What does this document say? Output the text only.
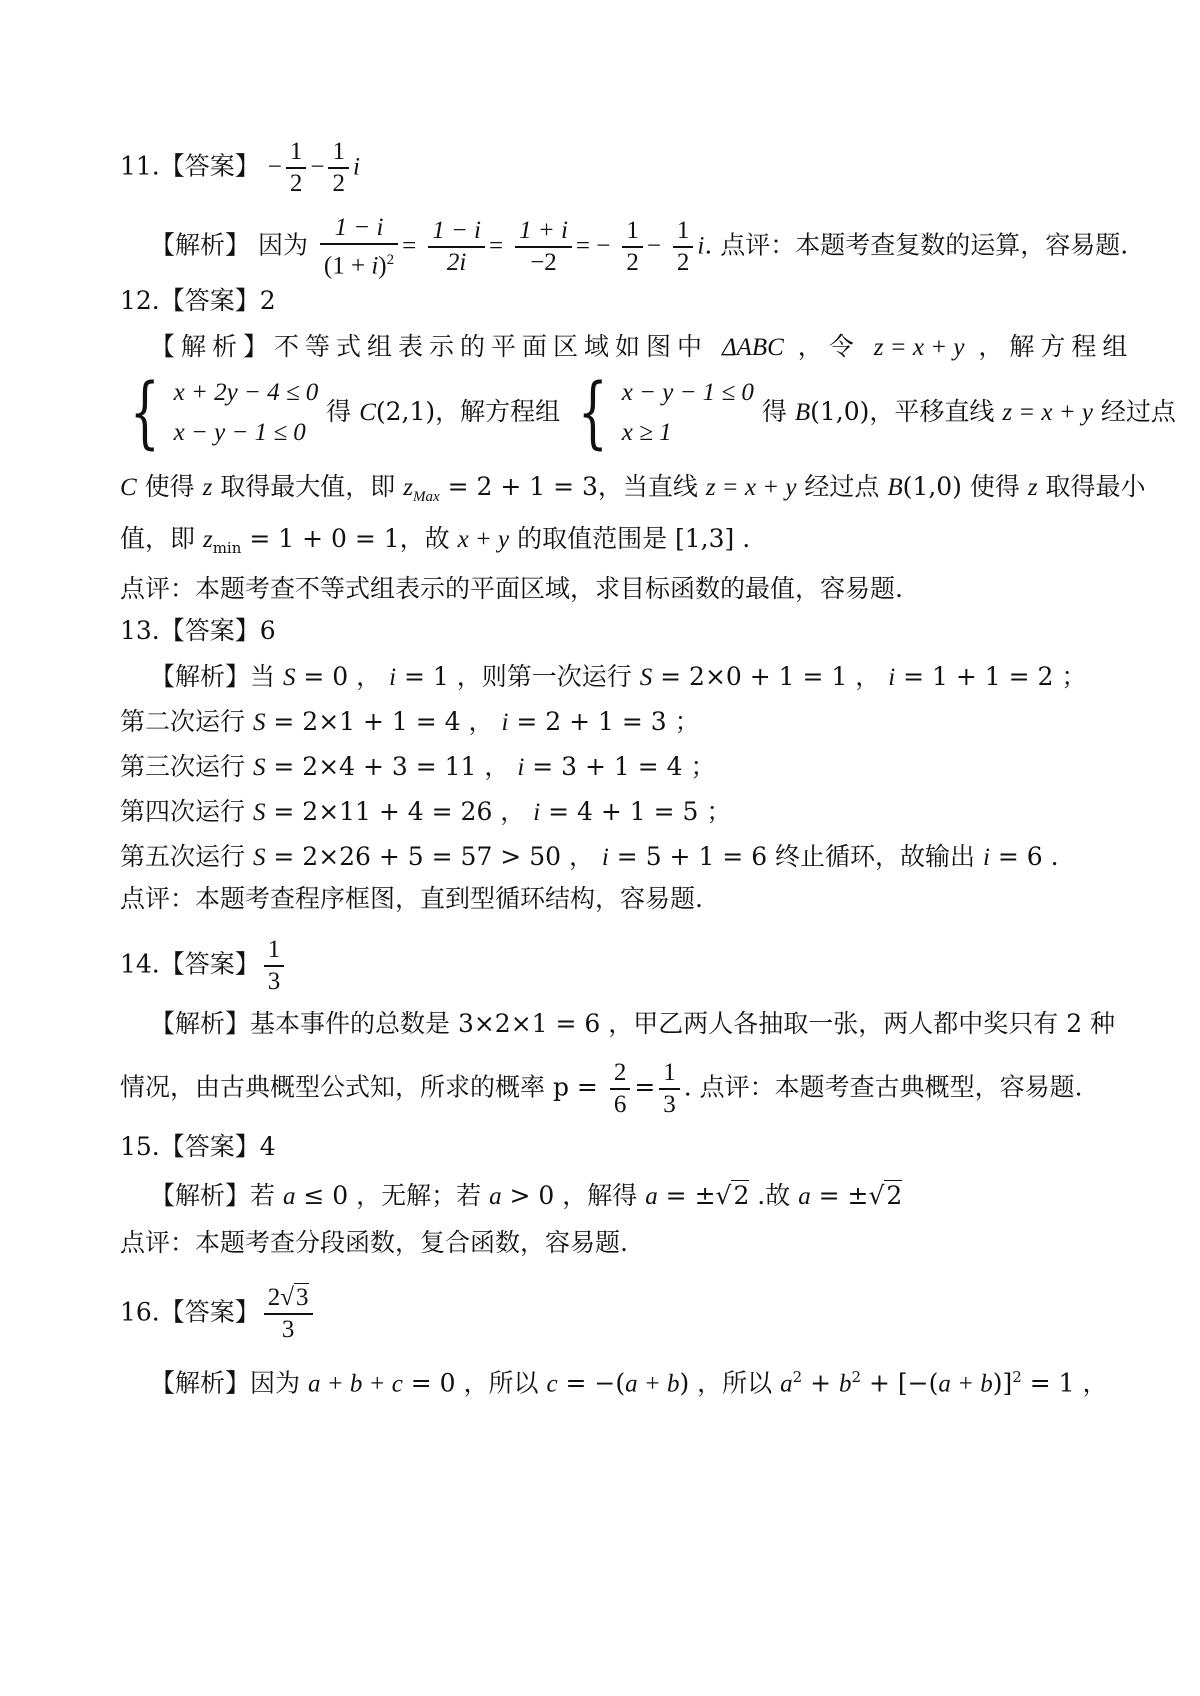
11.【答案】 − $\frac{1}{2} - \frac{1}{2}$ i
【解析】 因为 $\frac{1 - i}{(1 + i)^2} = \frac{1 - i}{2i} = \frac{1 + i}{-2}$ = − $\frac{1}{2} - \frac{1}{2} i$. 点评：本题考查复数的运算，容易题.
12.【答案】2
【解析】不等式组表示的平面区域如图中 ΔABC ，令 z = x + y ，解方程组
{ x + 2y − 4 ≤ 0
x − y − 1 ≤ 0
得 C(2,1)，解方程组 { x − y − 1 ≤ 0
x ≥ 1
得 B(1,0)，平移直线 z = x + y 经过点
C 使得 z 取得最大值，即 $z_{Max} = 2 + 1 = 3$，当直线 z = x + y 经过点 B(1,0) 使得 z 取得最小
值，即 $z_{min} = 1 + 0 = 1$，故 x + y 的取值范围是 [1,3] .
点评：本题考查不等式组表示的平面区域，求目标函数的最值，容易题.
13.【答案】6
【解析】当 S = 0 ， i = 1 ，则第一次运行 S = 2×0 + 1 = 1 ， i = 1 + 1 = 2 ；
第二次运行 S = 2×1 + 1 = 4 ， i = 2 + 1 = 3 ；
第三次运行 S = 2×4 + 3 = 11 ， i = 3 + 1 = 4 ；
第四次运行 S = 2×11 + 4 = 26 ， i = 4 + 1 = 5 ；
第五次运行 S = 2×26 + 5 = 57 > 50 ， i = 5 + 1 = 6 终止循环，故输出 i = 6 .
点评：本题考查程序框图，直到型循环结构，容易题.
14.【答案】 $\frac{1}{3}$
【解析】基本事件的总数是 3×2×1 = 6 ，甲乙两人各抽取一张，两人都中奖只有 2 种
情况，由古典概型公式知，所求的概率 $p = \frac{2}{6} = \frac{1}{3}$ . 点评：本题考查古典概型，容易题.
15.【答案】4
【解析】若 a ≤ 0 ，无解；若 a > 0 ，解得 a = ±√2 .故 a = ±√2
点评：本题考查分段函数，复合函数，容易题.
16.【答案】 $\frac{2√3}{3}$
【解析】因为 a + b + c = 0 ，所以 c = −(a + b) ，所以 $a^2 + b^2 + [-(a + b)]^2 = 1$ ，
